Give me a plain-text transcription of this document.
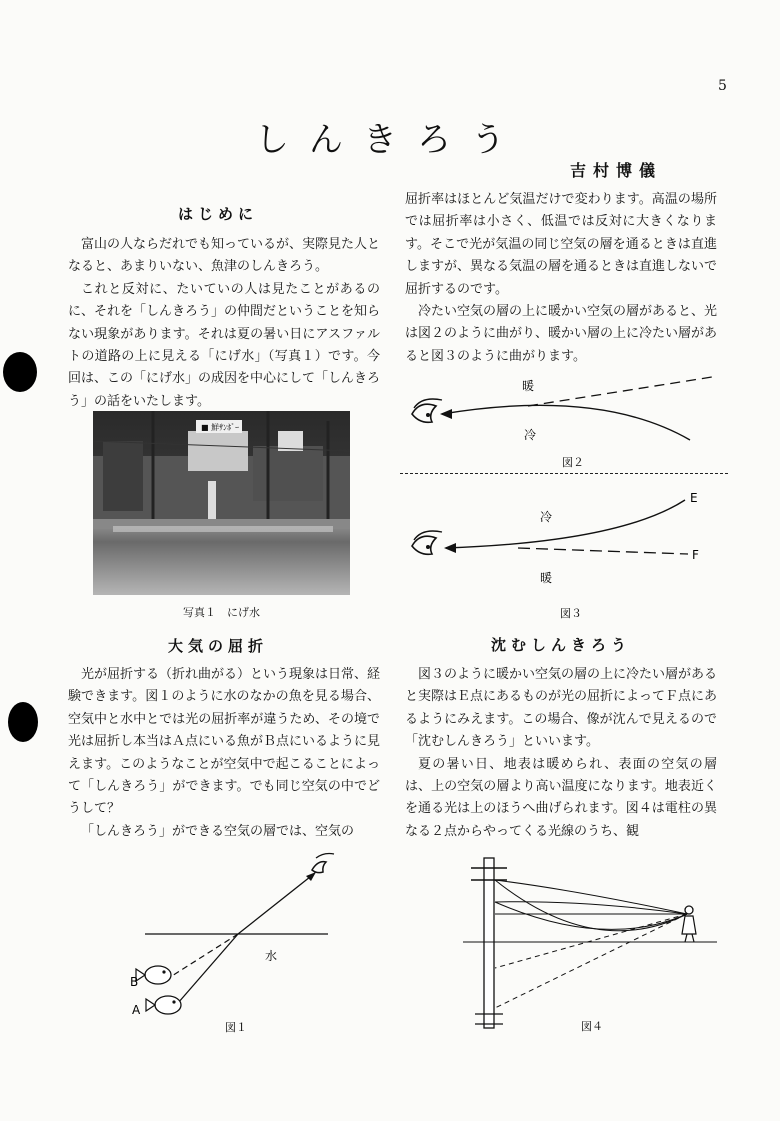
5
しんきろう
吉村博儀
はじめに

富山の人ならだれでも知っているが、実際見た人となると、あまりいない、魚津のしんきろう。

これと反対に、たいていの人は見たことがあるのに、それを「しんきろう」の仲間だということを知らない現象があります。それは夏の暑い日にアスファルトの道路の上に見える「にげ水」（写真１）です。今回は、この「にげ水」の成因を中心にして「しんきろう」の話をいたします。

■ 鮮ｻﾝﾎﾞｰ
写真１　にげ水
大気の屈折

光が屈折する（折れ曲がる）という現象は日常、経験できます。図１のように水のなかの魚を見る場合、空気中と水中とでは光の屈折率が違うため、その境で光は屈折し本当はＡ点にいる魚がＢ点にいるように見えます。このようなことが空気中で起こることによって「しんきろう」ができます。でも同じ空気の中でどうして？

「しんきろう」ができる空気の層では、空気の

水
B
A
図１

屈折率はほとんど気温だけで変わります。高温の場所では屈折率は小さく、低温では反対に大きくなります。そこで光が気温の同じ空気の層を通るときは直進しますが、異なる気温の層を通るときは直進しないで屈折するのです。

冷たい空気の層の上に暖かい空気の層があると、光は図２のように曲がり、暖かい層の上に冷たい層があると図３のように曲がります。

暖
冷
図２
E
F
冷
暖
図３
沈むしんきろう

図３のように暖かい空気の層の上に冷たい層があると実際はＥ点にあるものが光の屈折によってＦ点にあるようにみえます。この場合、像が沈んで見えるので「沈むしんきろう」といいます。

夏の暑い日、地表は暖められ、表面の空気の層は、上の空気の層より高い温度になります。地表近くを通る光は上のほうへ曲げられます。図４は電柱の異なる２点からやってくる光線のうち、観

図４
